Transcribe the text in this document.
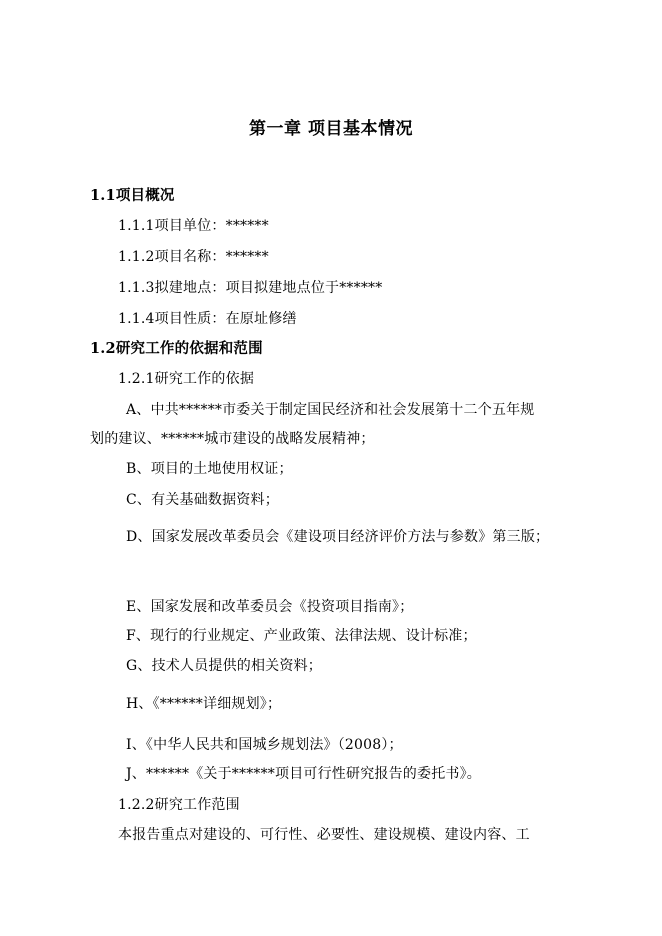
第一章 项目基本情况
1.1项目概况
1.1.1项目单位：******
1.1.2项目名称：******
1.1.3拟建地点：项目拟建地点位于******
1.1.4项目性质：在原址修缮
1.2研究工作的依据和范围
1.2.1研究工作的依据
A、中共******市委关于制定国民经济和社会发展第十二个五年规
划的建议、******城市建设的战略发展精神；
B、项目的土地使用权证；
C、有关基础数据资料；
D、国家发展改革委员会《建设项目经济评价方法与参数》第三版；
E、国家发展和改革委员会《投资项目指南》；
F、现行的行业规定、产业政策、法律法规、设计标准；
G、技术人员提供的相关资料；
H、《******详细规划》；
I、《中华人民共和国城乡规划法》（2008）；
J、******《关于******项目可行性研究报告的委托书》。
1.2.2研究工作范围
本报告重点对建设的、可行性、必要性、建设规模、建设内容、工
